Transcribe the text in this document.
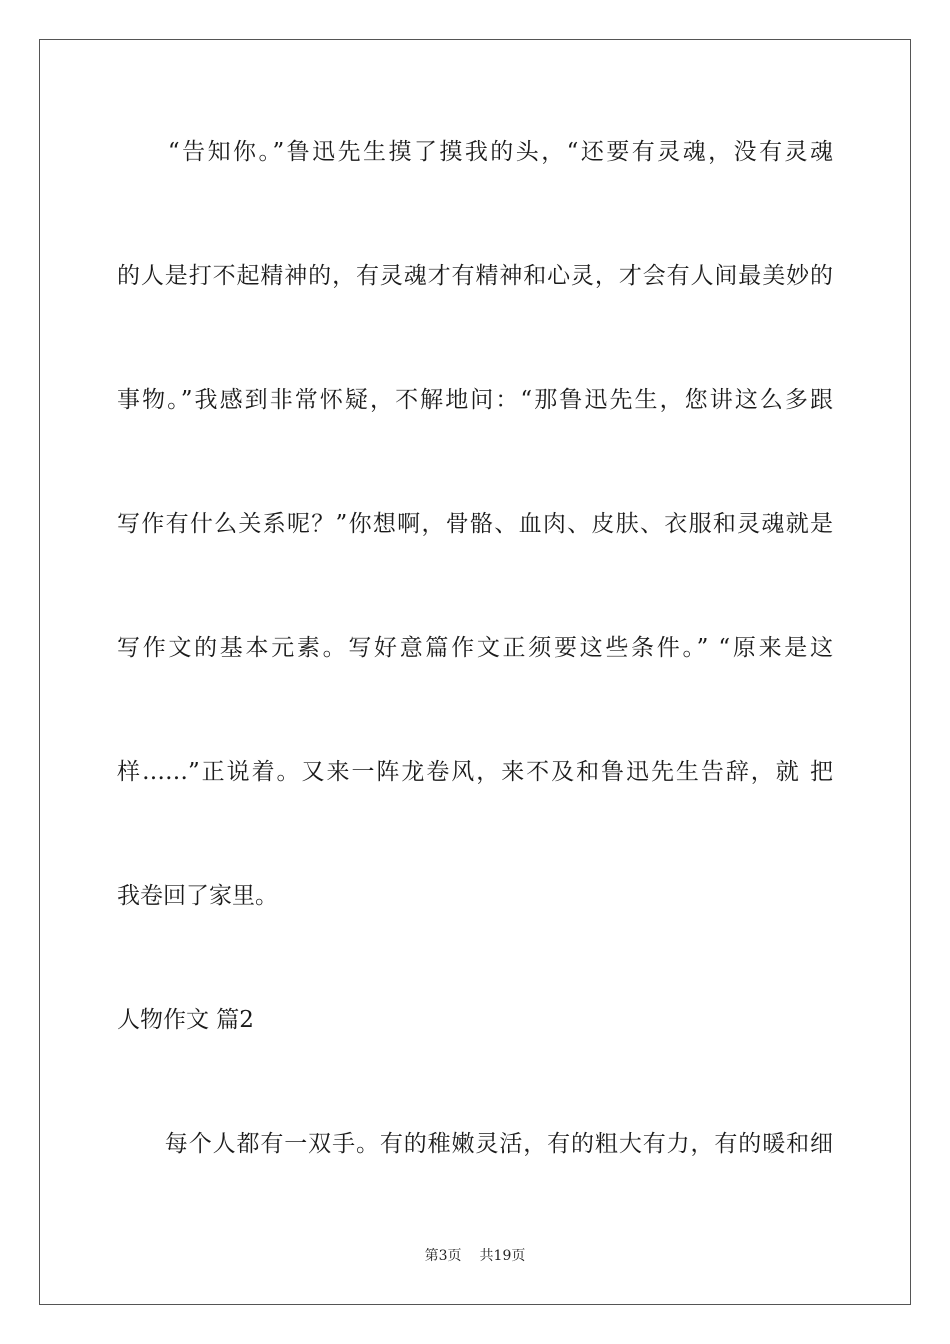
　　“告知你。”鲁迅先生摸了摸我的头，“还要有灵魂，没有灵魂
的人是打不起精神的，有灵魂才有精神和心灵，才会有人间最美妙的
事物。”我感到非常怀疑，不解地问：“那鲁迅先生，您讲这么多跟
写作有什么关系呢？”你想啊，骨骼、血肉、皮肤、衣服和灵魂就是
写作文的基本元素。写好意篇作文正须要这些条件。” “原来是这
样……”正说着。又来一阵龙卷风，来不及和鲁迅先生告辞，就 把
我卷回了家里。
人物作文 篇2
　　每个人都有一双手。有的稚嫩灵活，有的粗大有力，有的暖和细
第3页 共19页
